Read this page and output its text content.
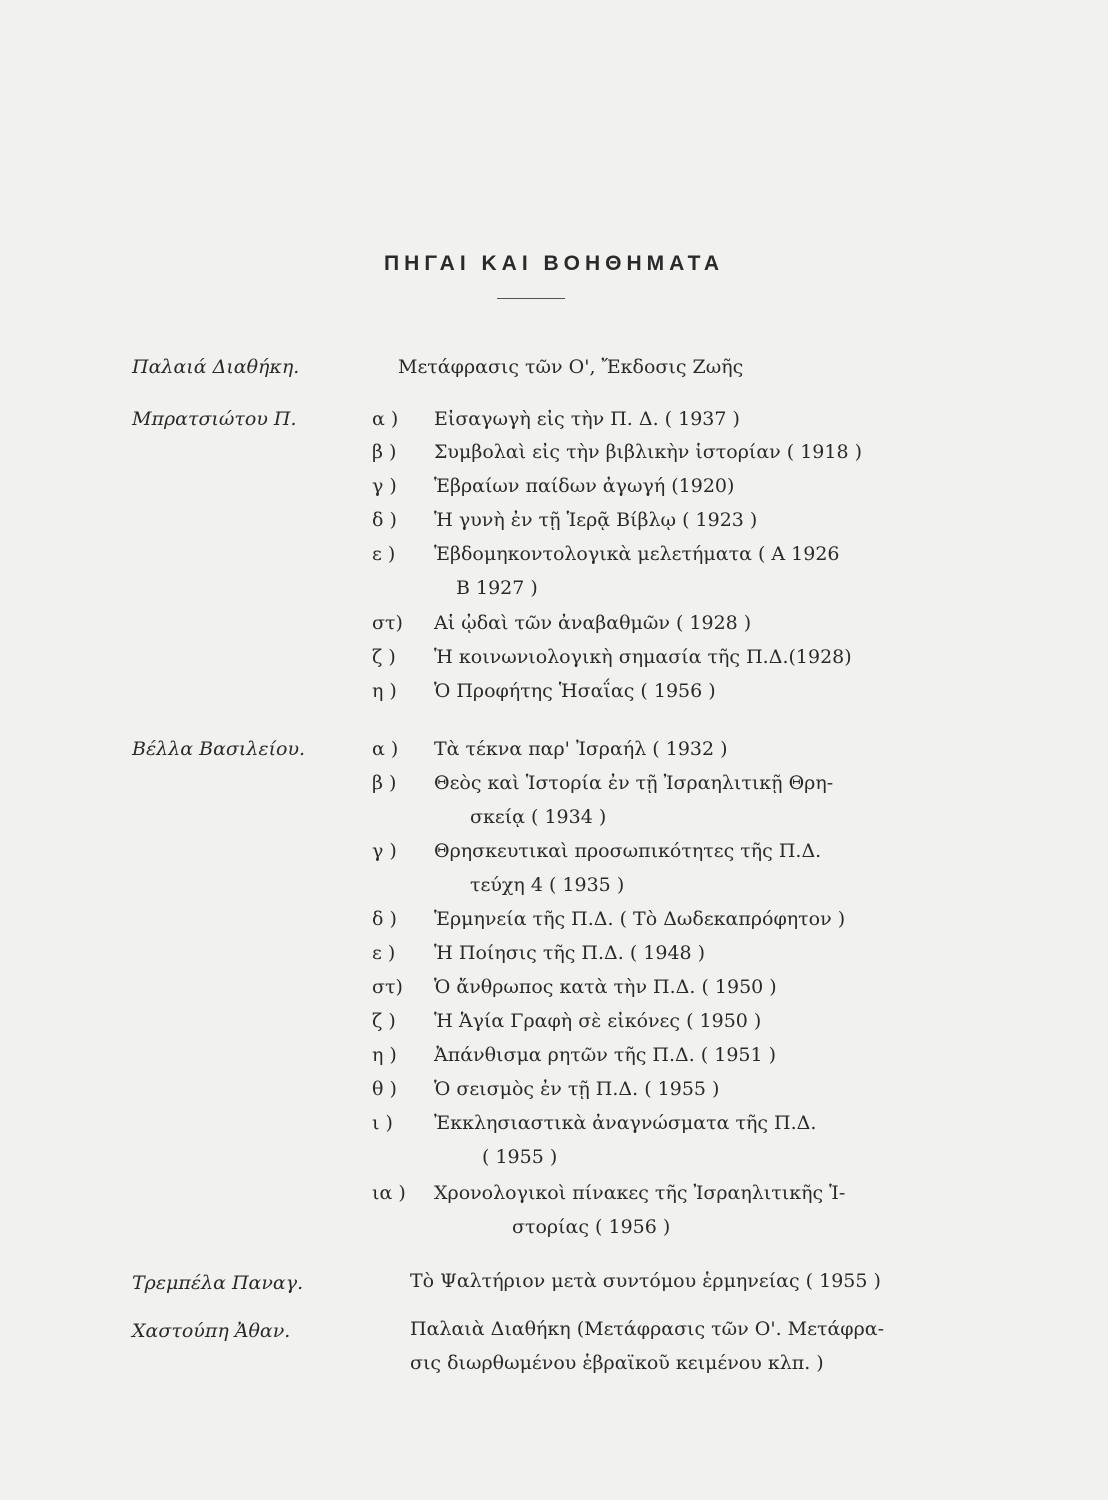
ΠΗΓΑΙ ΚΑΙ ΒΟΗΘΗΜΑΤΑ
Παλαιά Διαθήκη.	Μετάφρασις τῶν Ο', Ἔκδοσις Ζωῆς
Μπρατσιώτου Π.	α ) Εἰσαγωγὴ εἰς τὴν Π. Δ. ( 1937 )
β ) Συμβολαὶ εἰς τὴν βιβλικὴν ἱστορίαν ( 1918 )
γ ) Ἑβραίων παίδων ἀγωγή (1920)
δ ) Ἡ γυνὴ ἐν τῇ Ἱερᾷ Βίβλῳ ( 1923 )
ε ) Ἑβδομηκοντολογικὰ μελετήματα ( Α 1926
Β 1927 )
στ) Αἱ ᾠδαὶ τῶν ἀναβαθμῶν ( 1928 )
ζ ) Ἡ κοινωνιολογικὴ σημασία τῆς Π.Δ.(1928)
η ) Ὁ Προφήτης Ἡσαΐας ( 1956 )
Βέλλα Βασιλείου.	α ) Τὰ τέκνα παρ' Ἰσραήλ ( 1932 )
β ) Θεὸς καὶ Ἱστορία ἐν τῇ Ἰσραηλιτικῇ Θρη-
σκείᾳ ( 1934 )
γ ) Θρησκευτικαὶ προσωπικότητες τῆς Π.Δ.
τεύχη 4 ( 1935 )
δ ) Ἑρμηνεία τῆς Π.Δ. ( Τὸ Δωδεκαπρόφητον )
ε ) Ἡ Ποίησις τῆς Π.Δ. ( 1948 )
στ) Ὁ ἄνθρωπος κατὰ τὴν Π.Δ. ( 1950 )
ζ ) Ἡ Ἁγία Γραφὴ σὲ εἰκόνες ( 1950 )
η ) Ἀπάνθισμα ρητῶν τῆς Π.Δ. ( 1951 )
θ ) Ὁ σεισμὸς ἐν τῇ Π.Δ. ( 1955 )
ι ) Ἐκκλησιαστικὰ ἀναγνώσματα τῆς Π.Δ.
( 1955 )
ια ) Χρονολογικοὶ πίνακες τῆς Ἰσραηλιτικῆς Ἱ-
στορίας ( 1956 )
Τρεμπέλα Παναγ.	Τὸ Ψαλτήριον μετὰ συντόμου ἑρμηνείας ( 1955 )
Χαστούπη Ἀθαν.	Παλαιὰ Διαθήκη (Μετάφρασις τῶν Ο'. Μετάφρα-
σις διωρθωμένου ἑβραϊκοῦ κειμένου κλπ. )
